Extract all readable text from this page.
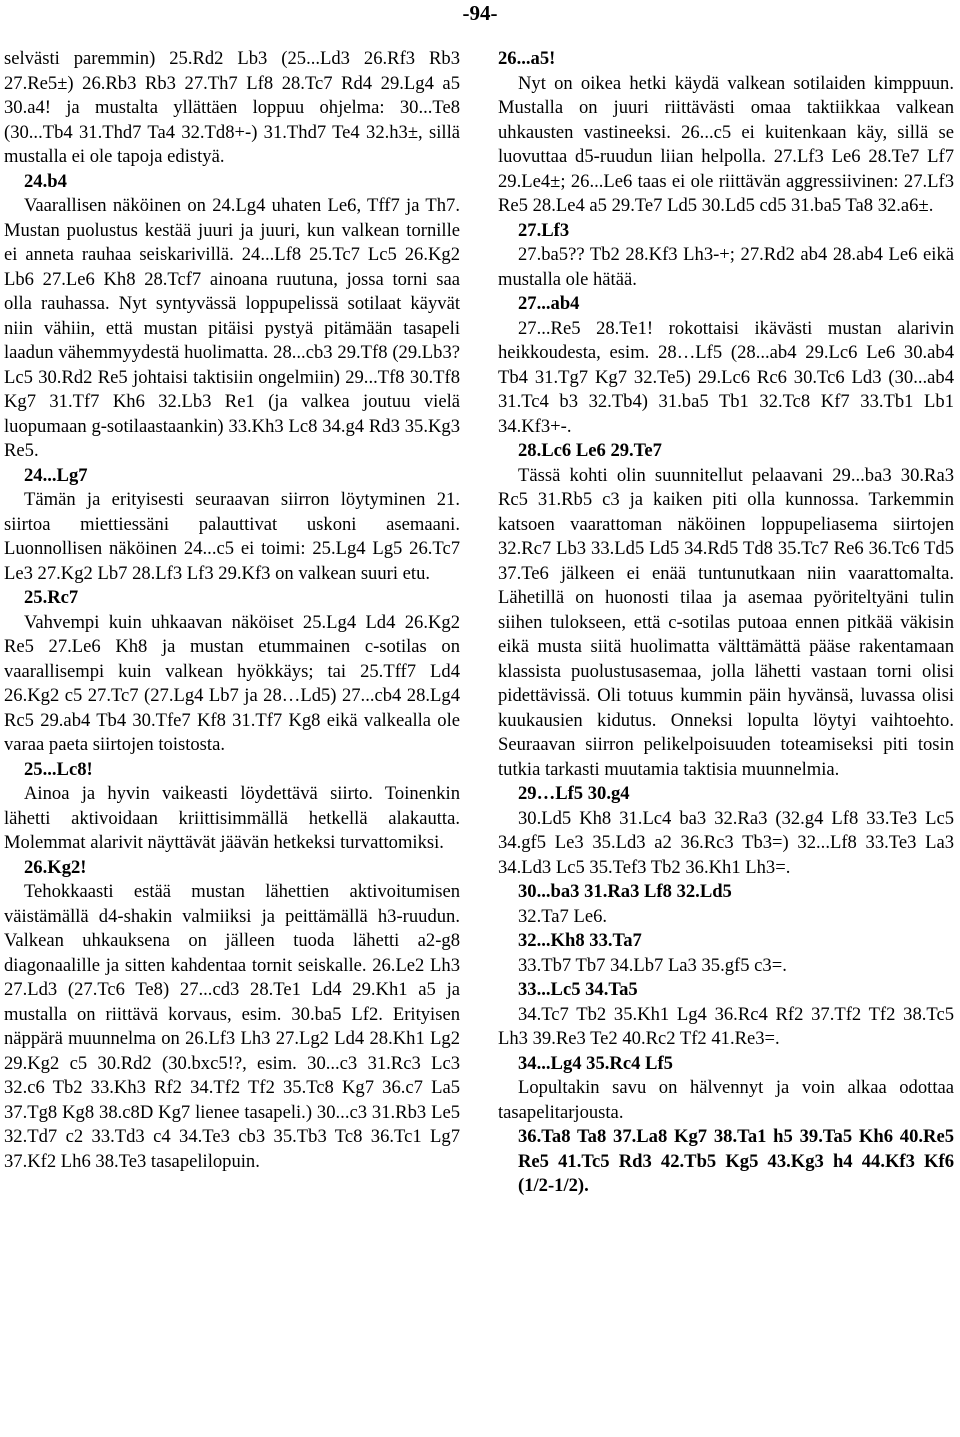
-94-
selvästi paremmin) 25.Rd2 Lb3 (25...Ld3 26.Rf3 Rb3 27.Re5±) 26.Rb3 Rb3 27.Th7 Lf8 28.Tc7 Rd4 29.Lg4 a5 30.a4! ja mustalta yllättäen loppuu ohjelma: 30...Te8 (30...Tb4 31.Thd7 Ta4 32.Td8+-) 31.Thd7 Te4 32.h3±, sillä mustalla ei ole tapoja edistyä.
24.b4
Vaarallisen näköinen on 24.Lg4 uhaten Le6, Tff7 ja Th7. Mustan puolustus kestää juuri ja juuri, kun valkean tornille ei anneta rauhaa seiskarivillä. 24...Lf8 25.Tc7 Lc5 26.Kg2 Lb6 27.Le6 Kh8 28.Tcf7 ainoana ruutuna, jossa torni saa olla rauhassa. Nyt syntyvässä loppupelissä sotilaat käyvät niin vähiin, että mustan pitäisi pystyä pitämään tasapeli laadun vähemmyydestä huolimatta. 28...cb3 29.Tf8 (29.Lb3? Lc5 30.Rd2 Re5 johtaisi taktisiin ongelmiin) 29...Tf8 30.Tf8 Kg7 31.Tf7 Kh6 32.Lb3 Re1 (ja valkea joutuu vielä luopumaan g-sotilaastaankin) 33.Kh3 Lc8 34.g4 Rd3 35.Kg3 Re5.
24...Lg7
Tämän ja erityisesti seuraavan siirron löytyminen 21. siirtoa miettiessäni palauttivat uskoni asemaani. Luonnollisen näköinen 24...c5 ei toimi: 25.Lg4 Lg5 26.Tc7 Le3 27.Kg2 Lb7 28.Lf3 Lf3 29.Kf3 on valkean suuri etu.
25.Rc7
Vahvempi kuin uhkaavan näköiset 25.Lg4 Ld4 26.Kg2 Re5 27.Le6 Kh8 ja mustan etummainen c-sotilas on vaarallisempi kuin valkean hyökkäys; tai 25.Tff7 Ld4 26.Kg2 c5 27.Tc7 (27.Lg4 Lb7 ja 28…Ld5) 27...cb4 28.Lg4 Rc5 29.ab4 Tb4 30.Tfe7 Kf8 31.Tf7 Kg8 eikä valkealla ole varaa paeta siirtojen toistosta.
25...Lc8!
Ainoa ja hyvin vaikeasti löydettävä siirto. Toinenkin lähetti aktivoidaan kriittisimmällä hetkellä alakautta. Molemmat alarivit näyttävät jäävän hetkeksi turvattomiksi.
26.Kg2!
Tehokkaasti estää mustan lähettien aktivoitumisen väistämällä d4-shakin valmiiksi ja peittämällä h3-ruudun. Valkean uhkauksena on jälleen tuoda lähetti a2-g8 diagonaalille ja sitten kahdentaa tornit seiskalle. 26.Le2 Lh3 27.Ld3 (27.Tc6 Te8) 27...cd3 28.Te1 Ld4 29.Kh1 a5 ja mustalla on riittävä korvaus, esim. 30.ba5 Lf2. Erityisen näppärä muunnelma on 26.Lf3 Lh3 27.Lg2 Ld4 28.Kh1 Lg2 29.Kg2 c5 30.Rd2 (30.bxc5!?, esim. 30...c3 31.Rc3 Lc3 32.c6 Tb2 33.Kh3 Rf2 34.Tf2 Tf2 35.Tc8 Kg7 36.c7 La5 37.Tg8 Kg8 38.c8D Kg7 lienee tasapeli.) 30...c3 31.Rb3 Le5 32.Td7 c2 33.Td3 c4 34.Te3 cb3 35.Tb3 Tc8 36.Tc1 Lg7 37.Kf2 Lh6 38.Te3 tasapelilopuin.
26...a5!
Nyt on oikea hetki käydä valkean sotilaiden kimppuun. Mustalla on juuri riittävästi omaa taktiikkaa valkean uhkausten vastineeksi. 26...c5 ei kuitenkaan käy, sillä se luovuttaa d5-ruudun liian helpolla. 27.Lf3 Le6 28.Te7 Lf7 29.Le4±; 26...Le6 taas ei ole riittävän aggressiivinen: 27.Lf3 Re5 28.Le4 a5 29.Te7 Ld5 30.Ld5 cd5 31.ba5 Ta8 32.a6±.
27.Lf3
27.ba5?? Tb2 28.Kf3 Lh3-+; 27.Rd2 ab4 28.ab4 Le6 eikä mustalla ole hätää.
27...ab4
27...Re5 28.Te1! rokottaisi ikävästi mustan alarivin heikkoudesta, esim. 28…Lf5 (28...ab4 29.Lc6 Le6 30.ab4 Tb4 31.Tg7 Kg7 32.Te5) 29.Lc6 Rc6 30.Tc6 Ld3 (30...ab4 31.Tc4 b3 32.Tb4) 31.ba5 Tb1 32.Tc8 Kf7 33.Tb1 Lb1 34.Kf3+-.
28.Lc6 Le6 29.Te7
Tässä kohti olin suunnitellut pelaavani 29...ba3 30.Ra3 Rc5 31.Rb5 c3 ja kaiken piti olla kunnossa. Tarkemmin katsoen vaarattoman näköinen loppupeliasema siirtojen 32.Rc7 Lb3 33.Ld5 Ld5 34.Rd5 Td8 35.Tc7 Re6 36.Tc6 Td5 37.Te6 jälkeen ei enää tuntunutkaan niin vaarattomalta. Lähetillä on huonosti tilaa ja asemaa pyöriteltyäni tulin siihen tulokseen, että c-sotilas putoaa ennen pitkää väkisin eikä musta siitä huolimatta välttämättä pääse rakentamaan klassista puolustusasemaa, jolla lähetti vastaan torni olisi pidettävissä. Oli totuus kummin päin hyvänsä, luvassa olisi kuukausien kidutus. Onneksi lopulta löytyi vaihtoehto. Seuraavan siirron pelikelpoisuuden toteamiseksi piti tosin tutkia tarkasti muutamia taktisia muunnelmia.
29…Lf5 30.g4
30.Ld5 Kh8 31.Lc4 ba3 32.Ra3 (32.g4 Lf8 33.Te3 Lc5 34.gf5 Le3 35.Ld3 a2 36.Rc3 Tb3=) 32...Lf8 33.Te3 La3 34.Ld3 Lc5 35.Tef3 Tb2 36.Kh1 Lh3=.
30...ba3 31.Ra3 Lf8 32.Ld5
32.Ta7 Le6.
32...Kh8 33.Ta7
33.Tb7 Tb7 34.Lb7 La3 35.gf5 c3=.
33...Lc5 34.Ta5
34.Tc7 Tb2 35.Kh1 Lg4 36.Rc4 Rf2 37.Tf2 Tf2 38.Tc5 Lh3 39.Re3 Te2 40.Rc2 Tf2 41.Re3=.
34...Lg4 35.Rc4 Lf5
Lopultakin savu on hälvennyt ja voin alkaa odottaa tasapelitarjousta.
36.Ta8 Ta8 37.La8 Kg7 38.Ta1 h5 39.Ta5 Kh6 40.Re5 Re5 41.Tc5 Rd3 42.Tb5 Kg5 43.Kg3 h4 44.Kf3 Kf6 (1/2-1/2).
